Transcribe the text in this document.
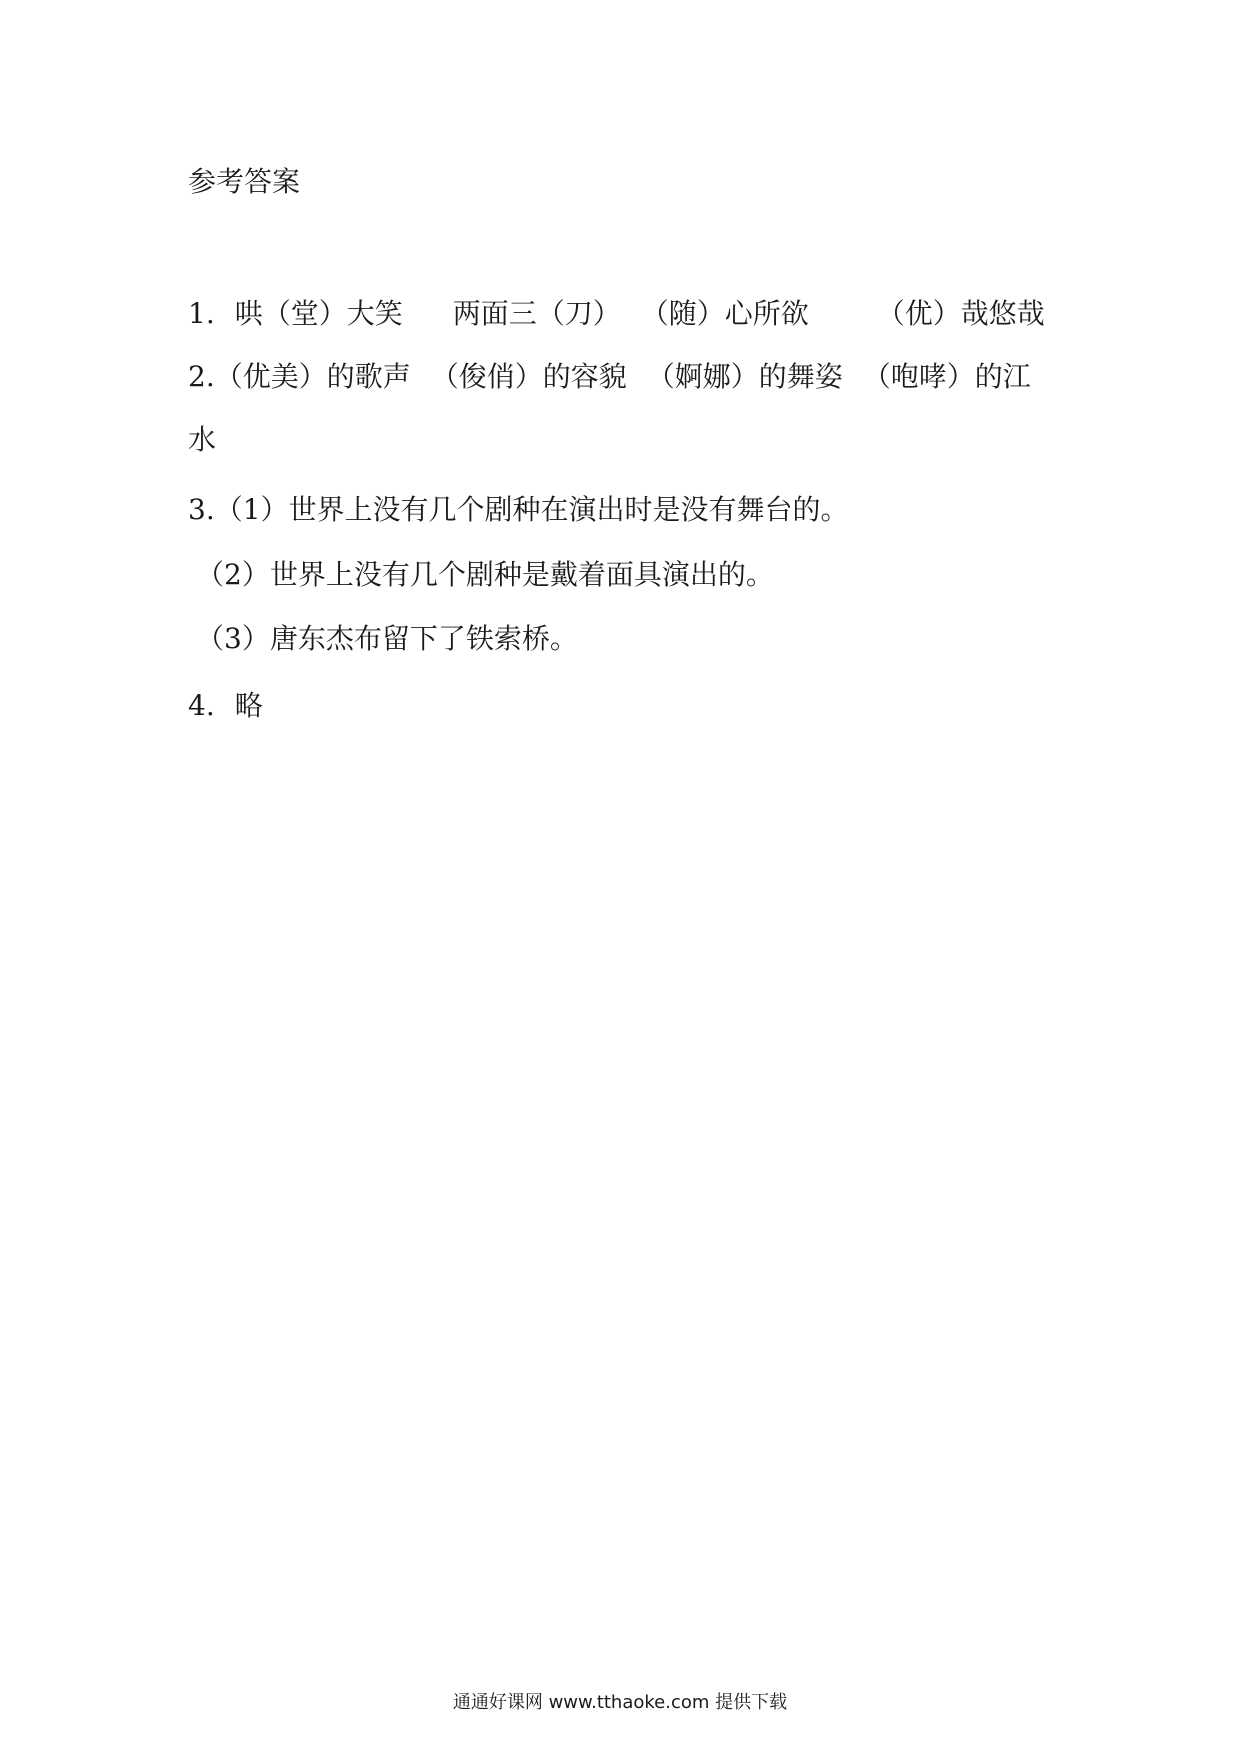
参考答案
1. 哄（堂）大笑 两面三（刀） （随）心所欲 （优）哉悠哉
2.（优美）的歌声 （俊俏）的容貌 （婀娜）的舞姿 （咆哮）的江
水
3.（1）世界上没有几个剧种在演出时是没有舞台的。
（2）世界上没有几个剧种是戴着面具演出的。
（3）唐东杰布留下了铁索桥。
4. 略
通通好课网 www.tthaoke.com 提供下载
